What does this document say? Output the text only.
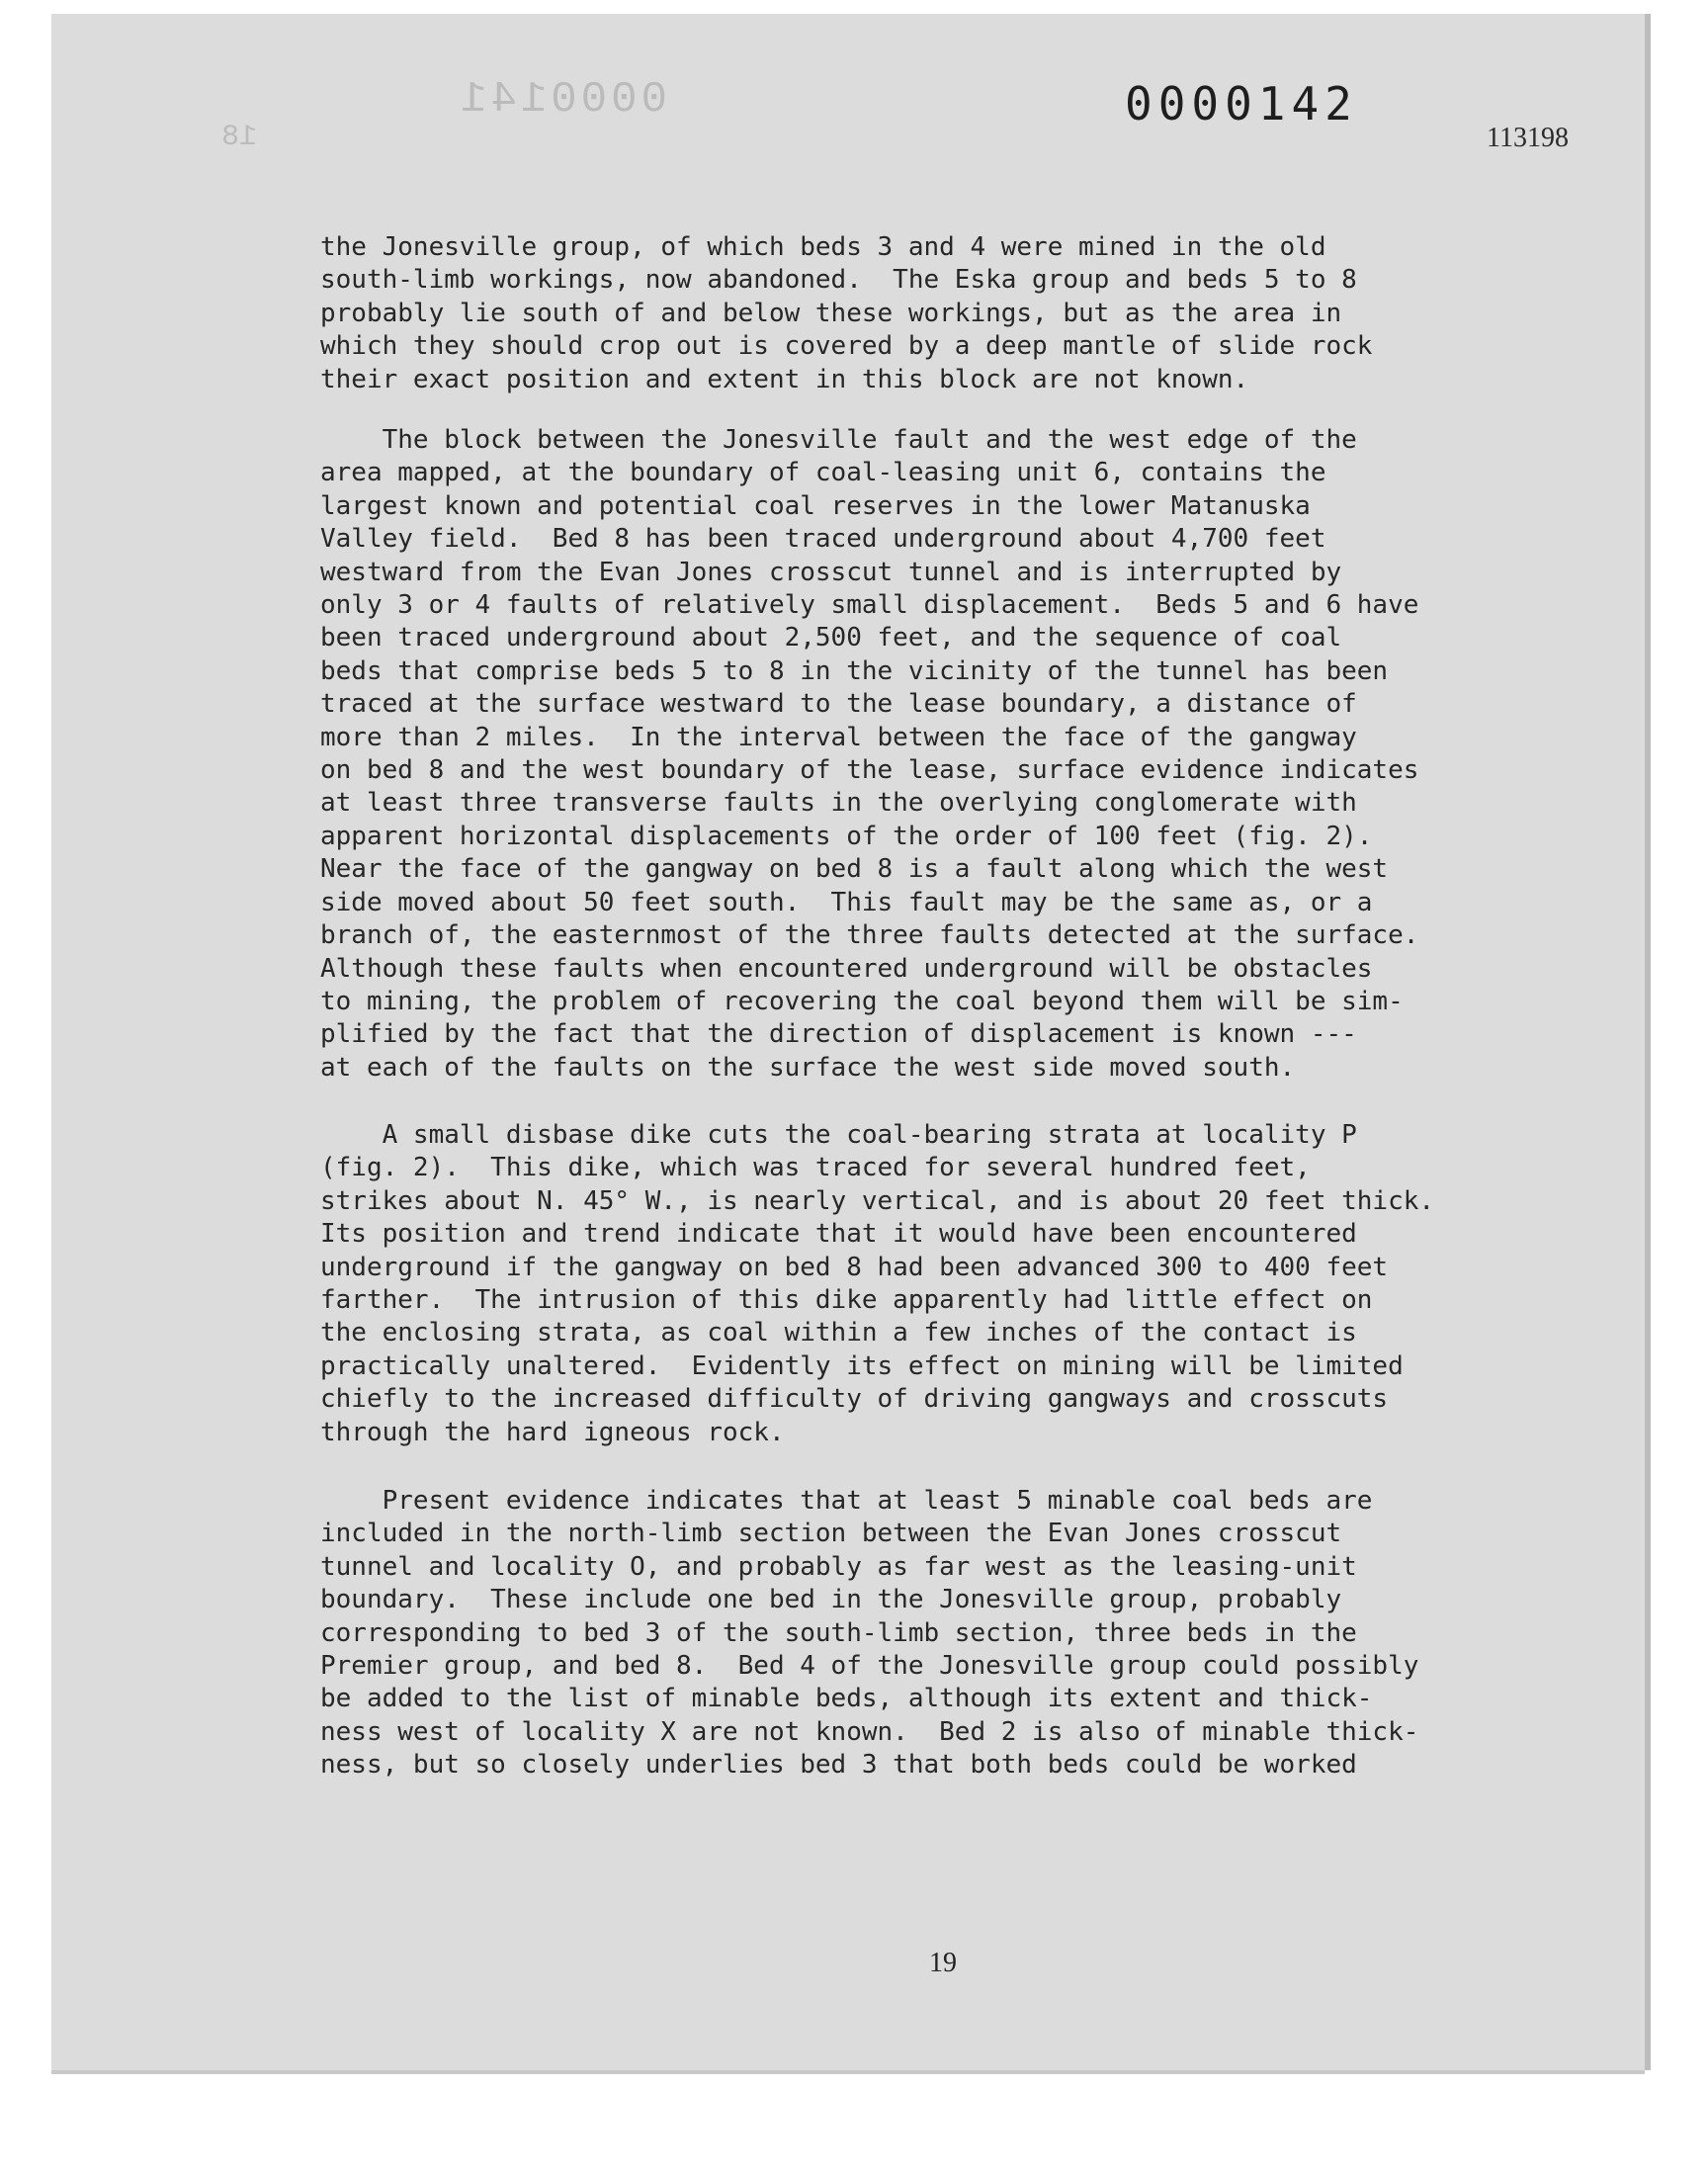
0000141
18
0000142
113198
the Jonesville group, of which beds 3 and 4 were mined in the old
south-limb workings, now abandoned.  The Eska group and beds 5 to 8
probably lie south of and below these workings, but as the area in
which they should crop out is covered by a deep mantle of slide rock
their exact position and extent in this block are not known.
The block between the Jonesville fault and the west edge of the
area mapped, at the boundary of coal-leasing unit 6, contains the
largest known and potential coal reserves in the lower Matanuska
Valley field.  Bed 8 has been traced underground about 4,700 feet
westward from the Evan Jones crosscut tunnel and is interrupted by
only 3 or 4 faults of relatively small displacement.  Beds 5 and 6 have
been traced underground about 2,500 feet, and the sequence of coal
beds that comprise beds 5 to 8 in the vicinity of the tunnel has been
traced at the surface westward to the lease boundary, a distance of
more than 2 miles.  In the interval between the face of the gangway
on bed 8 and the west boundary of the lease, surface evidence indicates
at least three transverse faults in the overlying conglomerate with
apparent horizontal displacements of the order of 100 feet (fig. 2).
Near the face of the gangway on bed 8 is a fault along which the west
side moved about 50 feet south.  This fault may be the same as, or a
branch of, the easternmost of the three faults detected at the surface.
Although these faults when encountered underground will be obstacles
to mining, the problem of recovering the coal beyond them will be sim-
plified by the fact that the direction of displacement is known ---
at each of the faults on the surface the west side moved south.
A small disbase dike cuts the coal-bearing strata at locality P
(fig. 2).  This dike, which was traced for several hundred feet,
strikes about N. 45° W., is nearly vertical, and is about 20 feet thick.
Its position and trend indicate that it would have been encountered
underground if the gangway on bed 8 had been advanced 300 to 400 feet
farther.  The intrusion of this dike apparently had little effect on
the enclosing strata, as coal within a few inches of the contact is
practically unaltered.  Evidently its effect on mining will be limited
chiefly to the increased difficulty of driving gangways and crosscuts
through the hard igneous rock.
Present evidence indicates that at least 5 minable coal beds are
included in the north-limb section between the Evan Jones crosscut
tunnel and locality O, and probably as far west as the leasing-unit
boundary.  These include one bed in the Jonesville group, probably
corresponding to bed 3 of the south-limb section, three beds in the
Premier group, and bed 8.  Bed 4 of the Jonesville group could possibly
be added to the list of minable beds, although its extent and thick-
ness west of locality X are not known.  Bed 2 is also of minable thick-
ness, but so closely underlies bed 3 that both beds could be worked
19
